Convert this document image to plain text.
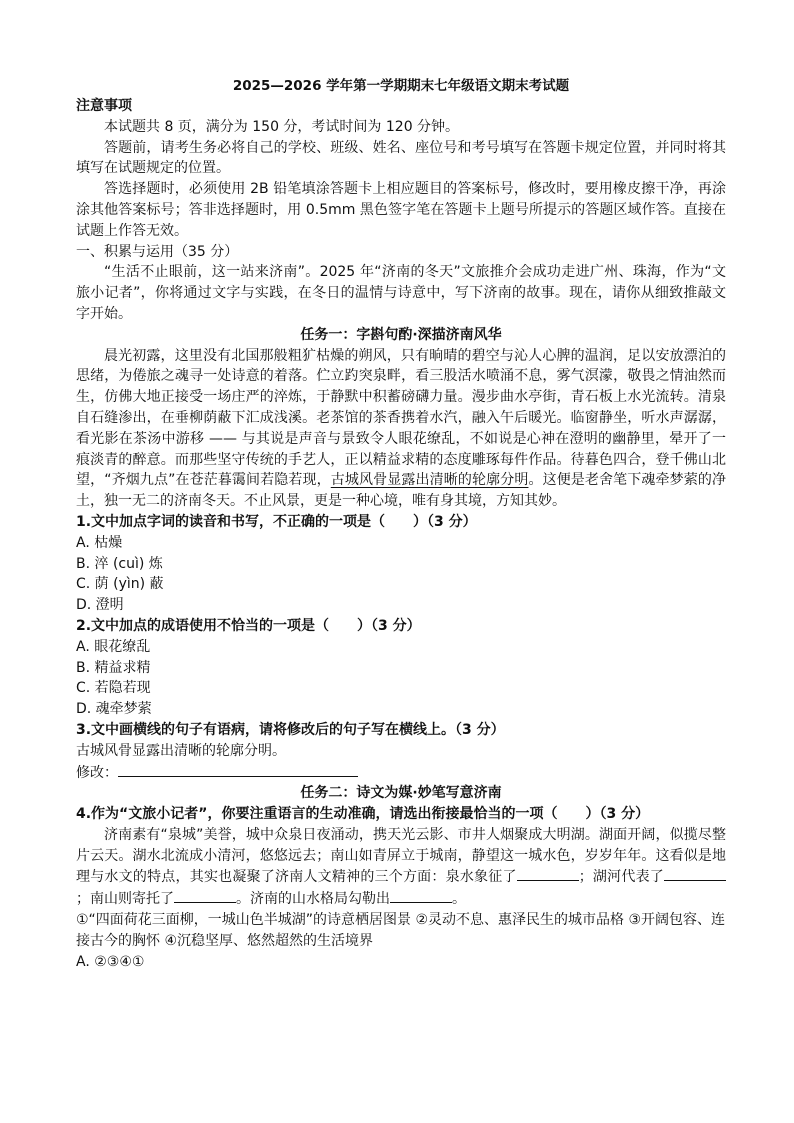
2025—2026 学年第一学期期末七年级语文期末考试题

注意事项

本试题共 8 页，满分为 150 分，考试时间为 120 分钟。

答题前，请考生务必将自己的学校、班级、姓名、座位号和考号填写在答题卡规定位置，并同时将其填写在试题规定的位置。

答选择题时，必须使用 2B 铅笔填涂答题卡上相应题目的答案标号，修改时，要用橡皮擦干净，再涂涂其他答案标号；答非选择题时，用 0.5mm 黑色签字笔在答题卡上题号所提示的答题区域作答。直接在试题上作答无效。

一、积累与运用（35 分）

“生活不止眼前，这一站来济南”。2025 年“济南的冬天”文旅推介会成功走进广州、珠海，作为“文旅小记者”，你将通过文字与实践，在冬日的温情与诗意中，写下济南的故事。现在，请你从细致推敲文字开始。

任务一：字斟句酌·深描济南风华

晨光初露，这里没有北国那般粗犷枯燥的朔风，只有晌晴的碧空与沁人心脾的温润，足以安放漂泊的思绪，为倦旅之魂寻一处诗意的着落。伫立趵突泉畔，看三股活水喷涌不息，雾气溟濛，敬畏之情油然而生，仿佛大地正接受一场庄严的淬炼，于静默中积蓄磅礴力量。漫步曲水亭街，青石板上水光流转。清泉自石缝渗出，在垂柳荫蔽下汇成浅溪。老茶馆的茶香携着水汽，融入午后暖光。临窗静坐，听水声潺潺，看光影在茶汤中游移 —— 与其说是声音与景致令人眼花缭乱，不如说是心神在澄明的幽静里，晕开了一痕淡青的醉意。而那些坚守传统的手艺人，正以精益求精的态度雕琢每件作品。待暮色四合，登千佛山北望，“齐烟九点”在苍茫暮霭间若隐若现，古城风骨显露出清晰的轮廓分明。这便是老舍笔下魂牵梦萦的净土，独一无二的济南冬天。不止风景，更是一种心境，唯有身其境，方知其妙。

1.文中加点字词的读音和书写，不正确的一项是（　　）（3 分）

A. 枯燥

B. 淬 (cuì) 炼

C. 荫 (yìn) 蔽

D. 澄明

2.文中加点的成语使用不恰当的一项是（　　）（3 分）

A. 眼花缭乱

B. 精益求精

C. 若隐若现

D. 魂牵梦萦

3.文中画横线的句子有语病，请将修改后的句子写在横线上。（3 分）

古城风骨显露出清晰的轮廓分明。

修改：

任务二：诗文为媒·妙笔写意济南

4.作为“文旅小记者”，你要注重语言的生动准确，请选出衔接最恰当的一项（　　）（3 分）

济南素有“泉城”美誉，城中众泉日夜涌动，携天光云影、市井人烟聚成大明湖。湖面开阔，似揽尽整片云天。湖水北流成小清河，悠悠远去；南山如青屏立于城南，静望这一城水色，岁岁年年。这看似是地理与水文的特点，其实也凝聚了济南人文精神的三个方面：泉水象征了	；湖河代表了；南山则寄托了	。济南的山水格局勾勒出	。

①“四面荷花三面柳，一城山色半城湖”的诗意栖居图景 ②灵动不息、惠泽民生的城市品格 ③开阔包容、连接古今的胸怀 ④沉稳坚厚、悠然超然的生活境界

A. ②③④①
